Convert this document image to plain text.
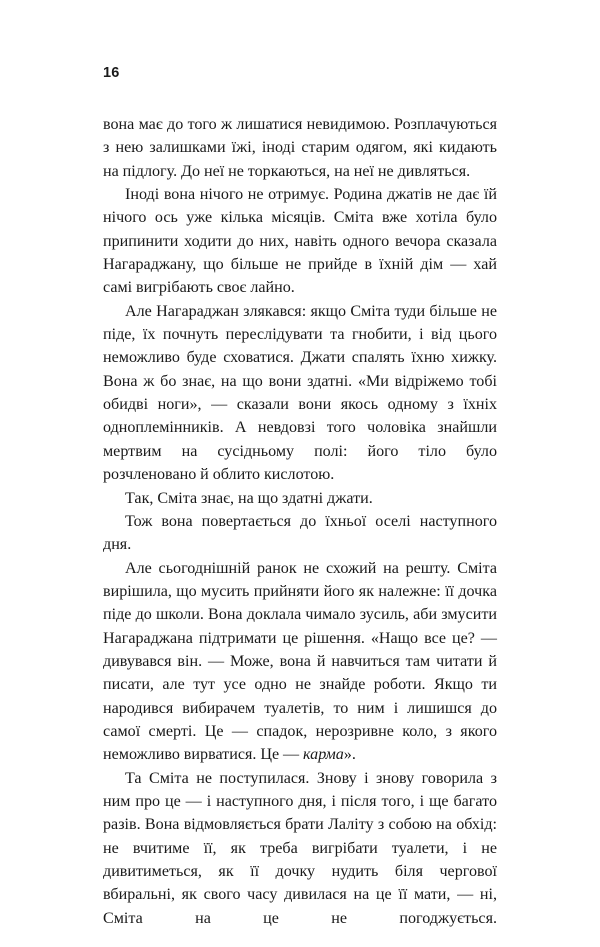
16

вона має до того ж лишатися невидимою. Розплачуються з нею залишками їжі, іноді старим одягом, які кидають на підлогу. До неї не торкаються, на неї не дивляться.

Іноді вона нічого не отримує. Родина джатів не дає їй нічого ось уже кілька місяців. Сміта вже хотіла було припинити ходити до них, навіть одного вечора сказала Нагараджану, що більше не прийде в їхній дім — хай самі вигрібають своє лайно.

Але Нагараджан злякався: якщо Сміта туди більше не піде, їх почнуть переслідувати та гнобити, і від цього неможливо буде сховатися. Джати спалять їхню хижку. Вона ж бо знає, на що вони здатні. «Ми відріжемо тобі обидві ноги», — сказали вони якось одному з їхніх одноплемінників. А невдовзі того чоловіка знайшли мертвим на сусідньому полі: його тіло було розчленовано й облито кислотою.

Так, Сміта знає, на що здатні джати.

Тож вона повертається до їхньої оселі наступного дня.

Але сьогоднішній ранок не схожий на решту. Сміта вирішила, що мусить прийняти його як належне: її дочка піде до школи. Вона доклала чимало зусиль, аби змусити Нагараджана підтримати це рішення. «Нащо все це? — дивувався він. — Може, вона й навчиться там читати й писати, але тут усе одно не знайде роботи. Якщо ти народився вибирачем туалетів, то ним і лишишся до самої смерті. Це — спадок, нерозривне коло, з якого неможливо вирватися. Це — карма».

Та Сміта не поступилася. Знову і знову говорила з ним про це — і наступного дня, і після того, і ще багато разів. Вона відмовляється брати Лаліту з собою на обхід: не вчитиме її, як треба вигрібати туалети, і не дивитиметься, як її дочку нудить біля чергової вбиральні, як свого часу дивилася на це її мати, — ні, Сміта на це не погоджується.
